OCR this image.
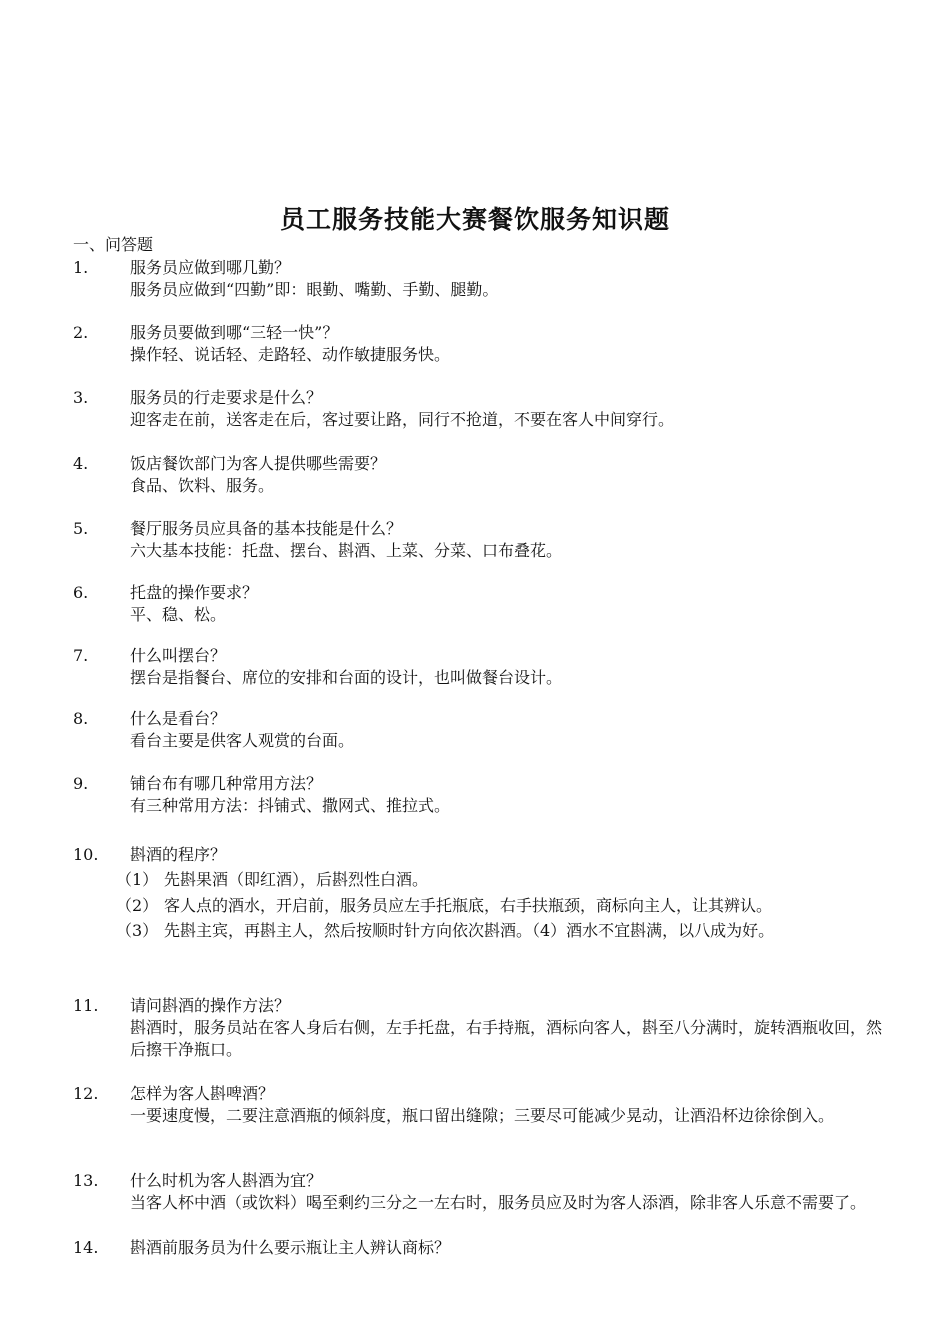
员工服务技能大赛餐饮服务知识题
一、问答题
1.	服务员应做到哪几勤？
服务员应做到“四勤”即：眼勤、嘴勤、手勤、腿勤。
2.	服务员要做到哪“三轻一快”？
操作轻、说话轻、走路轻、动作敏捷服务快。
3.	服务员的行走要求是什么？
迎客走在前，送客走在后，客过要让路，同行不抢道，不要在客人中间穿行。
4.	饭店餐饮部门为客人提供哪些需要？
食品、饮料、服务。
5.	餐厅服务员应具备的基本技能是什么？
六大基本技能：托盘、摆台、斟酒、上菜、分菜、口布叠花。
6.	托盘的操作要求？
平、稳、松。
7.	什么叫摆台？
摆台是指餐台、席位的安排和台面的设计，也叫做餐台设计。
8.	什么是看台？
看台主要是供客人观赏的台面。
9.	铺台布有哪几种常用方法？
有三种常用方法：抖铺式、撒网式、推拉式。
10.	斟酒的程序？
（1） 先斟果酒（即红酒），后斟烈性白酒。
（2） 客人点的酒水，开启前，服务员应左手托瓶底，右手扶瓶颈，商标向主人，让其辨认。
（3） 先斟主宾，再斟主人，然后按顺时针方向依次斟酒。（4）酒水不宜斟满，以八成为好。
11.	请问斟酒的操作方法？
斟酒时，服务员站在客人身后右侧，左手托盘，右手持瓶，酒标向客人，斟至八分满时，旋转酒瓶收回，然后擦干净瓶口。
12.	怎样为客人斟啤酒？
一要速度慢，二要注意酒瓶的倾斜度，瓶口留出缝隙；三要尽可能减少晃动，让酒沿杯边徐徐倒入。
13.	什么时机为客人斟酒为宜？
当客人杯中酒（或饮料）喝至剩约三分之一左右时，服务员应及时为客人添酒，除非客人乐意不需要了。
14.	斟酒前服务员为什么要示瓶让主人辨认商标？
